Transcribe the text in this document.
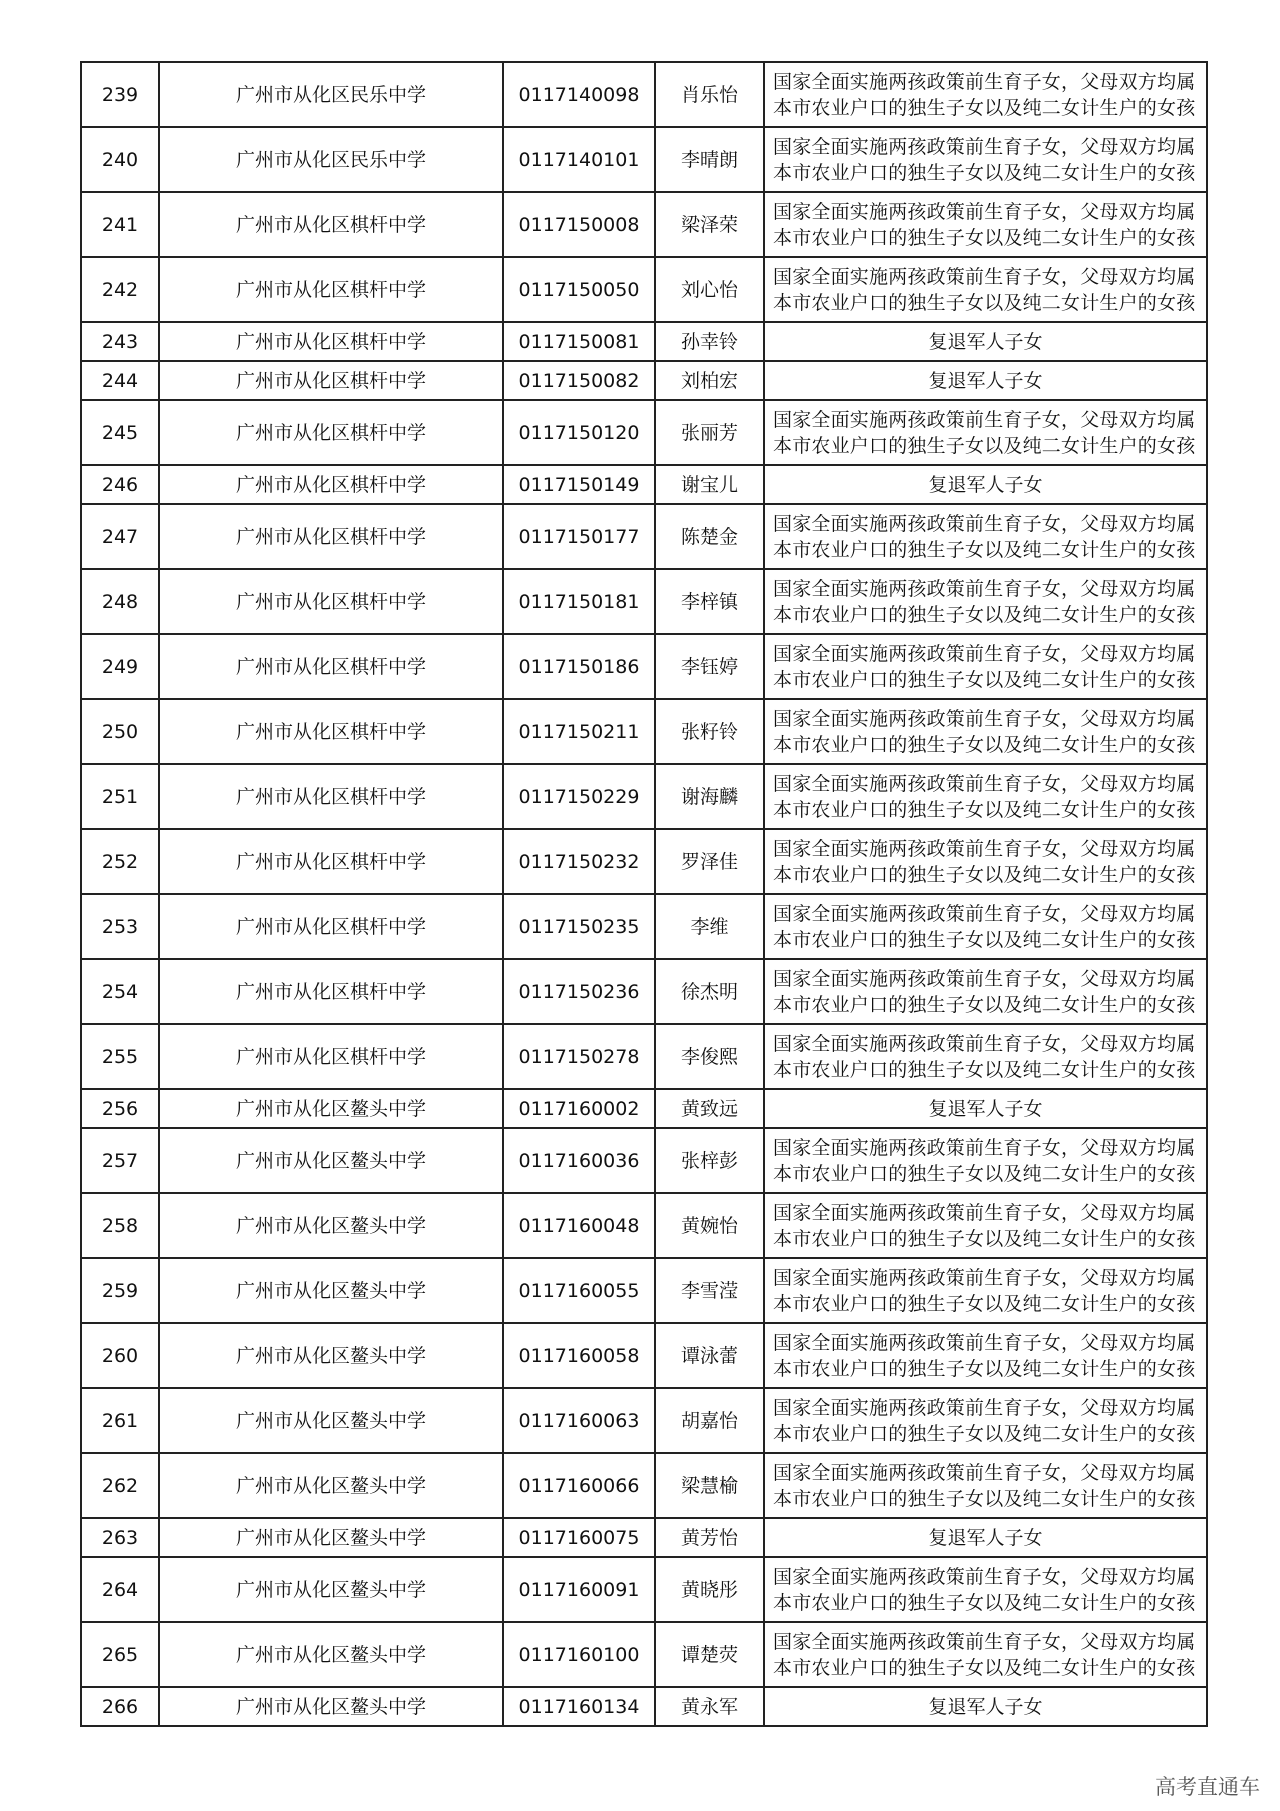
239	广州市从化区民乐中学	0117140098	肖乐怡	国家全面实施两孩政策前生育子女，父母双方均属
本市农业户口的独生子女以及纯二女计生户的女孩

240	广州市从化区民乐中学	0117140101	李晴朗	国家全面实施两孩政策前生育子女，父母双方均属
本市农业户口的独生子女以及纯二女计生户的女孩

241	广州市从化区棋杆中学	0117150008	梁泽荣	国家全面实施两孩政策前生育子女，父母双方均属
本市农业户口的独生子女以及纯二女计生户的女孩

242	广州市从化区棋杆中学	0117150050	刘心怡	国家全面实施两孩政策前生育子女，父母双方均属
本市农业户口的独生子女以及纯二女计生户的女孩

243	广州市从化区棋杆中学	0117150081	孙幸铃	复退军人子女
244	广州市从化区棋杆中学	0117150082	刘柏宏	复退军人子女
245	广州市从化区棋杆中学	0117150120	张丽芳	国家全面实施两孩政策前生育子女，父母双方均属
本市农业户口的独生子女以及纯二女计生户的女孩

246	广州市从化区棋杆中学	0117150149	谢宝儿	复退军人子女
247	广州市从化区棋杆中学	0117150177	陈楚金	国家全面实施两孩政策前生育子女，父母双方均属
本市农业户口的独生子女以及纯二女计生户的女孩

248	广州市从化区棋杆中学	0117150181	李梓镇	国家全面实施两孩政策前生育子女，父母双方均属
本市农业户口的独生子女以及纯二女计生户的女孩

249	广州市从化区棋杆中学	0117150186	李钰婷	国家全面实施两孩政策前生育子女，父母双方均属
本市农业户口的独生子女以及纯二女计生户的女孩

250	广州市从化区棋杆中学	0117150211	张籽铃	国家全面实施两孩政策前生育子女，父母双方均属
本市农业户口的独生子女以及纯二女计生户的女孩

251	广州市从化区棋杆中学	0117150229	谢海麟	国家全面实施两孩政策前生育子女，父母双方均属
本市农业户口的独生子女以及纯二女计生户的女孩

252	广州市从化区棋杆中学	0117150232	罗泽佳	国家全面实施两孩政策前生育子女，父母双方均属
本市农业户口的独生子女以及纯二女计生户的女孩

253	广州市从化区棋杆中学	0117150235	李维	国家全面实施两孩政策前生育子女，父母双方均属
本市农业户口的独生子女以及纯二女计生户的女孩

254	广州市从化区棋杆中学	0117150236	徐杰明	国家全面实施两孩政策前生育子女，父母双方均属
本市农业户口的独生子女以及纯二女计生户的女孩

255	广州市从化区棋杆中学	0117150278	李俊熙	国家全面实施两孩政策前生育子女，父母双方均属
本市农业户口的独生子女以及纯二女计生户的女孩

256	广州市从化区鳌头中学	0117160002	黄致远	复退军人子女
257	广州市从化区鳌头中学	0117160036	张梓彭	国家全面实施两孩政策前生育子女，父母双方均属
本市农业户口的独生子女以及纯二女计生户的女孩

258	广州市从化区鳌头中学	0117160048	黄婉怡	国家全面实施两孩政策前生育子女，父母双方均属
本市农业户口的独生子女以及纯二女计生户的女孩

259	广州市从化区鳌头中学	0117160055	李雪滢	国家全面实施两孩政策前生育子女，父母双方均属
本市农业户口的独生子女以及纯二女计生户的女孩

260	广州市从化区鳌头中学	0117160058	谭泳蕾	国家全面实施两孩政策前生育子女，父母双方均属
本市农业户口的独生子女以及纯二女计生户的女孩

261	广州市从化区鳌头中学	0117160063	胡嘉怡	国家全面实施两孩政策前生育子女，父母双方均属
本市农业户口的独生子女以及纯二女计生户的女孩

262	广州市从化区鳌头中学	0117160066	梁慧榆	国家全面实施两孩政策前生育子女，父母双方均属
本市农业户口的独生子女以及纯二女计生户的女孩

263	广州市从化区鳌头中学	0117160075	黄芳怡	复退军人子女
264	广州市从化区鳌头中学	0117160091	黄晓彤	国家全面实施两孩政策前生育子女，父母双方均属
本市农业户口的独生子女以及纯二女计生户的女孩

265	广州市从化区鳌头中学	0117160100	谭楚荧	国家全面实施两孩政策前生育子女，父母双方均属
本市农业户口的独生子女以及纯二女计生户的女孩

266	广州市从化区鳌头中学	0117160134	黄永军	复退军人子女
高考直通车
